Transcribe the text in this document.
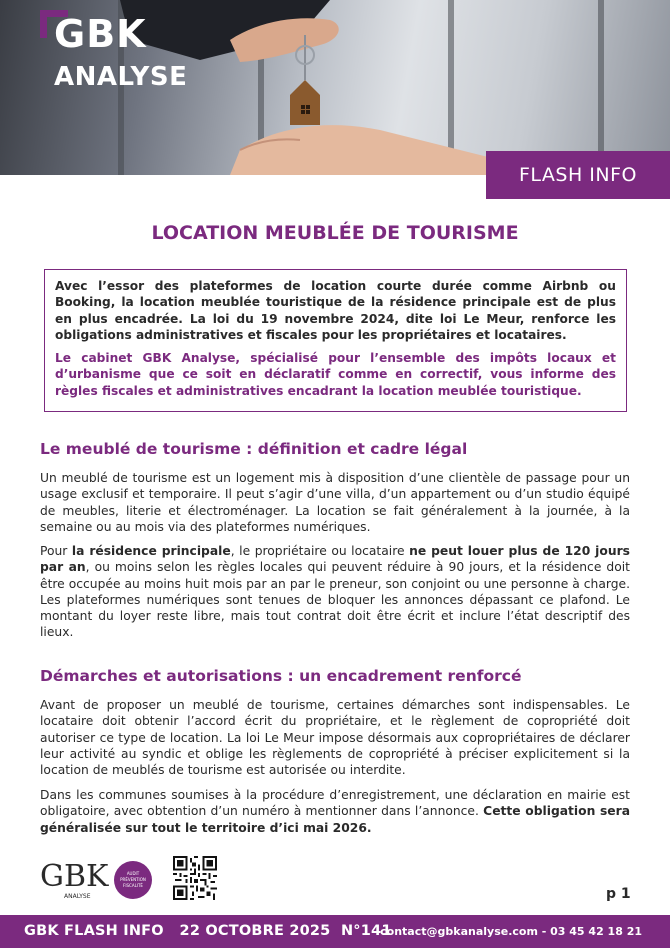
GBK
ANALYSE
FLASH INFO
LOCATION MEUBLÉE DE TOURISME

Avec l’essor des plateformes de location courte durée comme Airbnb ou Booking, la location meublée touristique de la résidence principale est de plus en plus encadrée. La loi du 19 novembre 2024, dite loi Le Meur, renforce les obligations administratives et fiscales pour les propriétaires et locataires.

Le cabinet GBK Analyse, spécialisé pour l’ensemble des impôts locaux et d’urbanisme que ce soit en déclaratif comme en correctif, vous informe des règles fiscales et administratives encadrant la location meublée touristique.

Le meublé de tourisme : définition et cadre légal

Un meublé de tourisme est un logement mis à disposition d’une clientèle de passage pour un usage exclusif et temporaire. Il peut s’agir d’une villa, d’un appartement ou d’un studio équipé de meubles, literie et électroménager. La location se fait généralement à la journée, à la semaine ou au mois via des plateformes numériques.

Pour la résidence principale, le propriétaire ou locataire ne peut louer plus de 120 jours par an, ou moins selon les règles locales qui peuvent réduire à 90 jours, et la résidence doit être occupée au moins huit mois par an par le preneur, son conjoint ou une personne à charge. Les plateformes numériques sont tenues de bloquer les annonces dépassant ce plafond. Le montant du loyer reste libre, mais tout contrat doit être écrit et inclure l’état descriptif des lieux.

Démarches et autorisations : un encadrement renforcé

Avant de proposer un meublé de tourisme, certaines démarches sont indispensables. Le locataire doit obtenir l’accord écrit du propriétaire, et le règlement de copropriété doit autoriser ce type de location. La loi Le Meur impose désormais aux copropriétaires de déclarer leur activité au syndic et oblige les règlements de copropriété à préciser explicitement si la location de meublés de tourisme est autorisée ou interdite.

Dans les communes soumises à la procédure d’enregistrement, une déclaration en mairie est obligatoire, avec obtention d’un numéro à mentionner dans l’annonce. Cette obligation sera généralisée sur tout le territoire d’ici mai 2026.

GBK
ANALYSE
AUDIT
PRÉVENTION
FISCALITÉ
p 1
GBK FLASH INFO   22 OCTOBRE 2025  N°141
contact@gbkanalyse.com - 03 45 42 18 21
